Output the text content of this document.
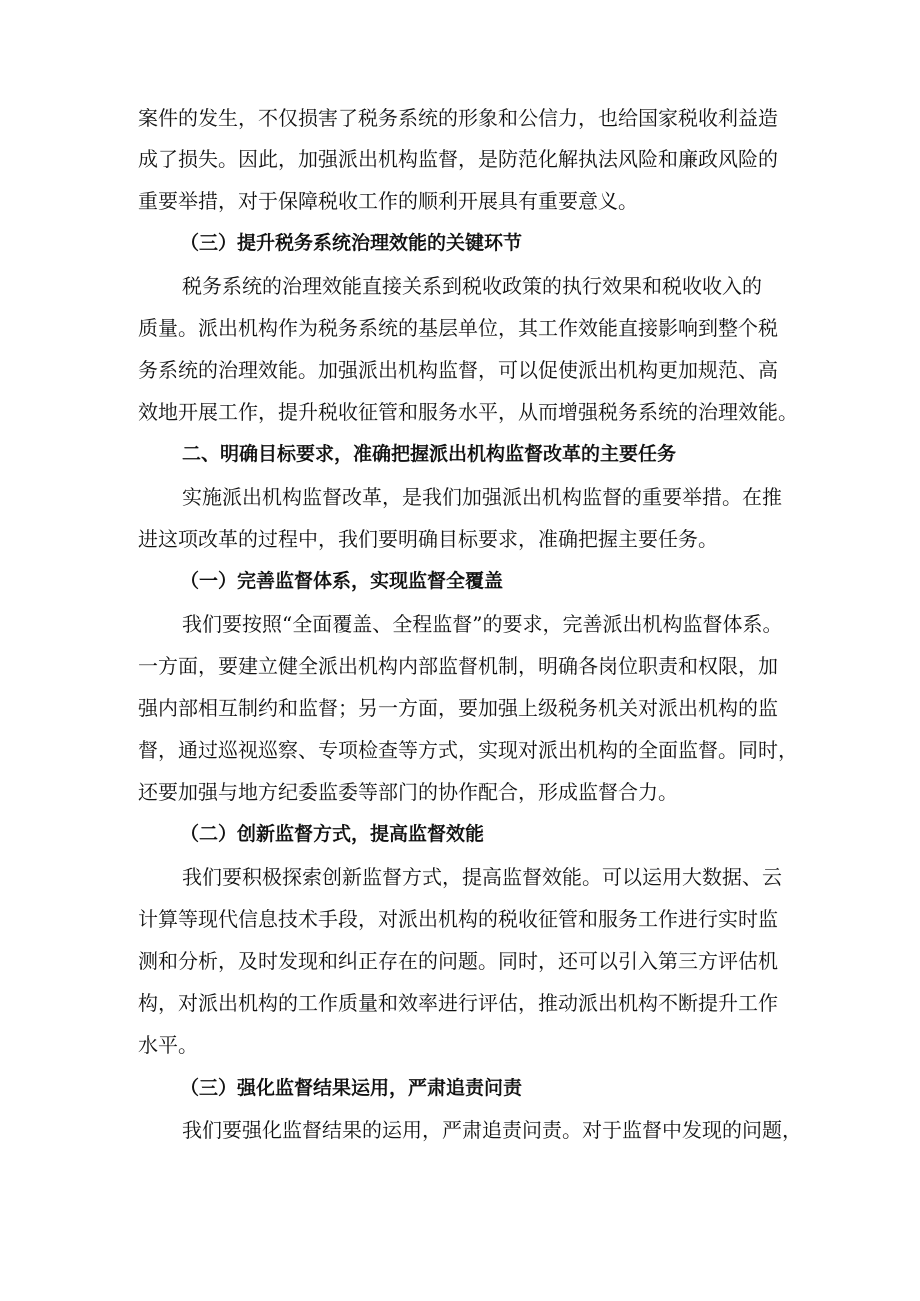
案件的发生，不仅损害了税务系统的形象和公信力，也给国家税收利益造
成了损失。因此，加强派出机构监督，是防范化解执法风险和廉政风险的
重要举措，对于保障税收工作的顺利开展具有重要意义。
（三）提升税务系统治理效能的关键环节
税务系统的治理效能直接关系到税收政策的执行效果和税收收入的
质量。派出机构作为税务系统的基层单位，其工作效能直接影响到整个税
务系统的治理效能。加强派出机构监督，可以促使派出机构更加规范、高
效地开展工作，提升税收征管和服务水平，从而增强税务系统的治理效能。
二、明确目标要求，准确把握派出机构监督改革的主要任务
实施派出机构监督改革，是我们加强派出机构监督的重要举措。在推
进这项改革的过程中，我们要明确目标要求，准确把握主要任务。
（一）完善监督体系，实现监督全覆盖
我们要按照“全面覆盖、全程监督”的要求，完善派出机构监督体系。
一方面，要建立健全派出机构内部监督机制，明确各岗位职责和权限，加
强内部相互制约和监督；另一方面，要加强上级税务机关对派出机构的监
督，通过巡视巡察、专项检查等方式，实现对派出机构的全面监督。同时，
还要加强与地方纪委监委等部门的协作配合，形成监督合力。
（二）创新监督方式，提高监督效能
我们要积极探索创新监督方式，提高监督效能。可以运用大数据、云
计算等现代信息技术手段，对派出机构的税收征管和服务工作进行实时监
测和分析，及时发现和纠正存在的问题。同时，还可以引入第三方评估机
构，对派出机构的工作质量和效率进行评估，推动派出机构不断提升工作
水平。
（三）强化监督结果运用，严肃追责问责
我们要强化监督结果的运用，严肃追责问责。对于监督中发现的问题，
